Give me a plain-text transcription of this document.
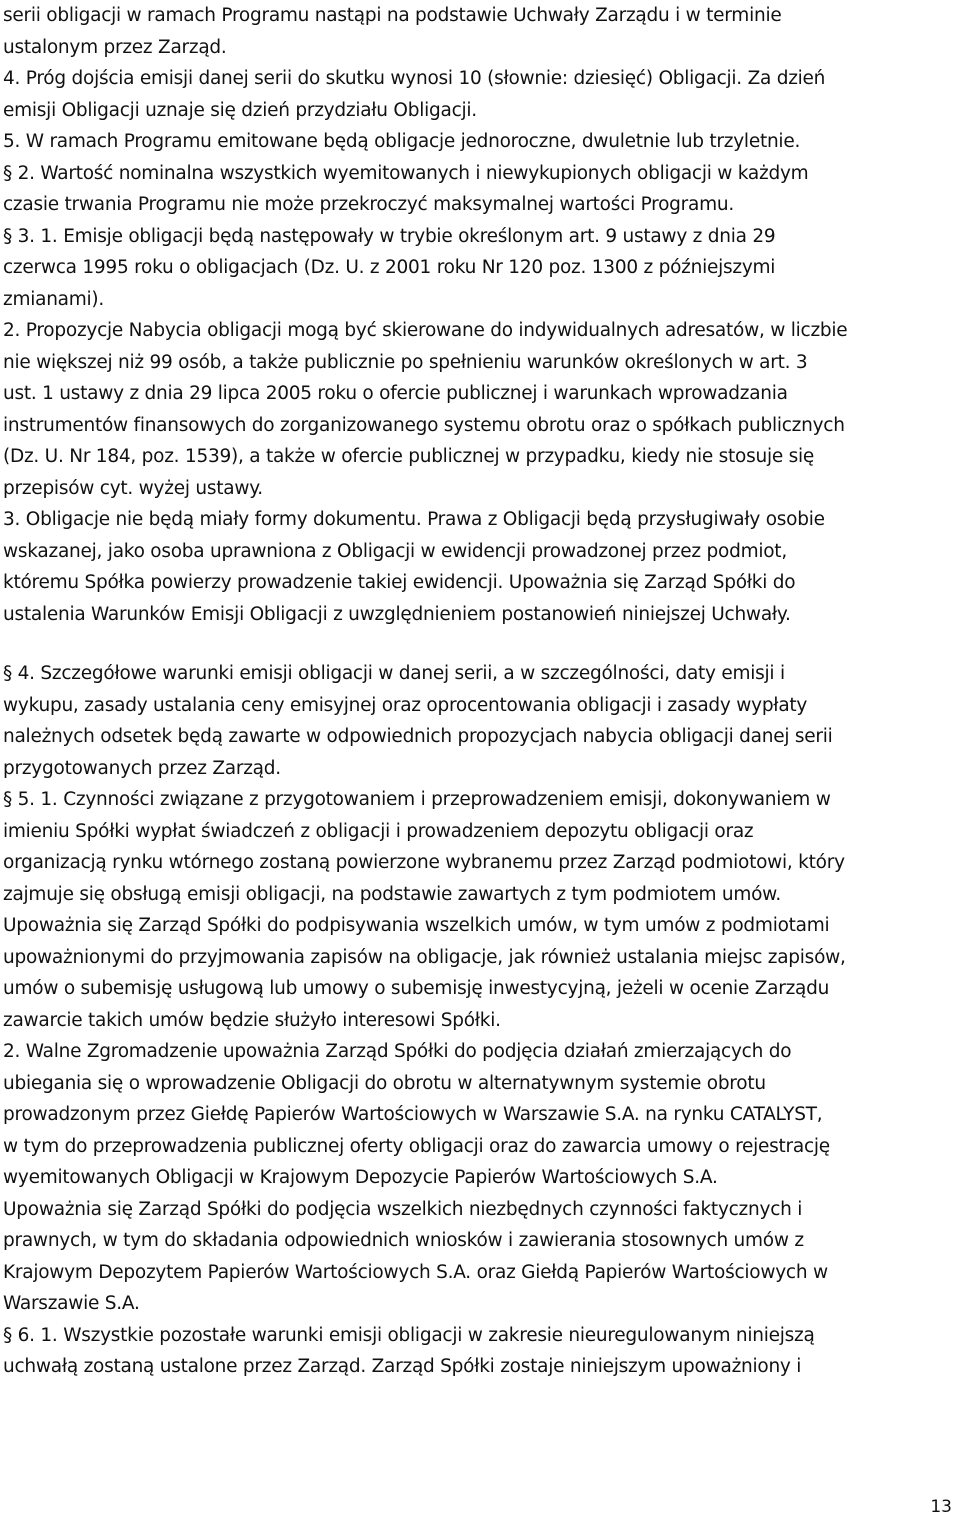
serii obligacji w ramach Programu nastąpi na podstawie Uchwały Zarządu i w terminie
ustalonym przez Zarząd.
4. Próg dojścia emisji danej serii do skutku wynosi 10 (słownie: dziesięć) Obligacji. Za dzień
emisji Obligacji uznaje się dzień przydziału Obligacji.
5. W ramach Programu emitowane będą obligacje jednoroczne, dwuletnie lub trzyletnie.
§ 2. Wartość nominalna wszystkich wyemitowanych i niewykupionych obligacji w każdym
czasie trwania Programu nie może przekroczyć maksymalnej wartości Programu.
§ 3. 1. Emisje obligacji będą następowały w trybie określonym art. 9 ustawy z dnia 29
czerwca 1995 roku o obligacjach (Dz. U. z 2001 roku Nr 120 poz. 1300 z późniejszymi
zmianami).
2. Propozycje Nabycia obligacji mogą być skierowane do indywidualnych adresatów, w liczbie
nie większej niż 99 osób, a także publicznie po spełnieniu warunków określonych w art. 3
ust. 1 ustawy z dnia 29 lipca 2005 roku o ofercie publicznej i warunkach wprowadzania
instrumentów finansowych do zorganizowanego systemu obrotu oraz o spółkach publicznych
(Dz. U. Nr 184, poz. 1539), a także w ofercie publicznej w przypadku, kiedy nie stosuje się
przepisów cyt. wyżej ustawy.
3. Obligacje nie będą miały formy dokumentu. Prawa z Obligacji będą przysługiwały osobie
wskazanej, jako osoba uprawniona z Obligacji w ewidencji prowadzonej przez podmiot,
któremu Spółka powierzy prowadzenie takiej ewidencji. Upoważnia się Zarząd Spółki do
ustalenia Warunków Emisji Obligacji z uwzględnieniem postanowień niniejszej Uchwały.
§ 4. Szczegółowe warunki emisji obligacji w danej serii, a w szczególności, daty emisji i
wykupu, zasady ustalania ceny emisyjnej oraz oprocentowania obligacji i zasady wypłaty
należnych odsetek będą zawarte w odpowiednich propozycjach nabycia obligacji danej serii
przygotowanych przez Zarząd.
§ 5. 1. Czynności związane z przygotowaniem i przeprowadzeniem emisji, dokonywaniem w
imieniu Spółki wypłat świadczeń z obligacji i prowadzeniem depozytu obligacji oraz
organizacją rynku wtórnego zostaną powierzone wybranemu przez Zarząd podmiotowi, który
zajmuje się obsługą emisji obligacji, na podstawie zawartych z tym podmiotem umów.
Upoważnia się Zarząd Spółki do podpisywania wszelkich umów, w tym umów z podmiotami
upoważnionymi do przyjmowania zapisów na obligacje, jak również ustalania miejsc zapisów,
umów o subemisję usługową lub umowy o subemisję inwestycyjną, jeżeli w ocenie Zarządu
zawarcie takich umów będzie służyło interesowi Spółki.
2. Walne Zgromadzenie upoważnia Zarząd Spółki do podjęcia działań zmierzających do
ubiegania się o wprowadzenie Obligacji do obrotu w alternatywnym systemie obrotu
prowadzonym przez Giełdę Papierów Wartościowych w Warszawie S.A. na rynku CATALYST,
w tym do przeprowadzenia publicznej oferty obligacji oraz do zawarcia umowy o rejestrację
wyemitowanych Obligacji w Krajowym Depozycie Papierów Wartościowych S.A.
Upoważnia się Zarząd Spółki do podjęcia wszelkich niezbędnych czynności faktycznych i
prawnych, w tym do składania odpowiednich wniosków i zawierania stosownych umów z
Krajowym Depozytem Papierów Wartościowych S.A. oraz Giełdą Papierów Wartościowych w
Warszawie S.A.
§ 6. 1. Wszystkie pozostałe warunki emisji obligacji w zakresie nieuregulowanym niniejszą
uchwałą zostaną ustalone przez Zarząd. Zarząd Spółki zostaje niniejszym upoważniony i
13
